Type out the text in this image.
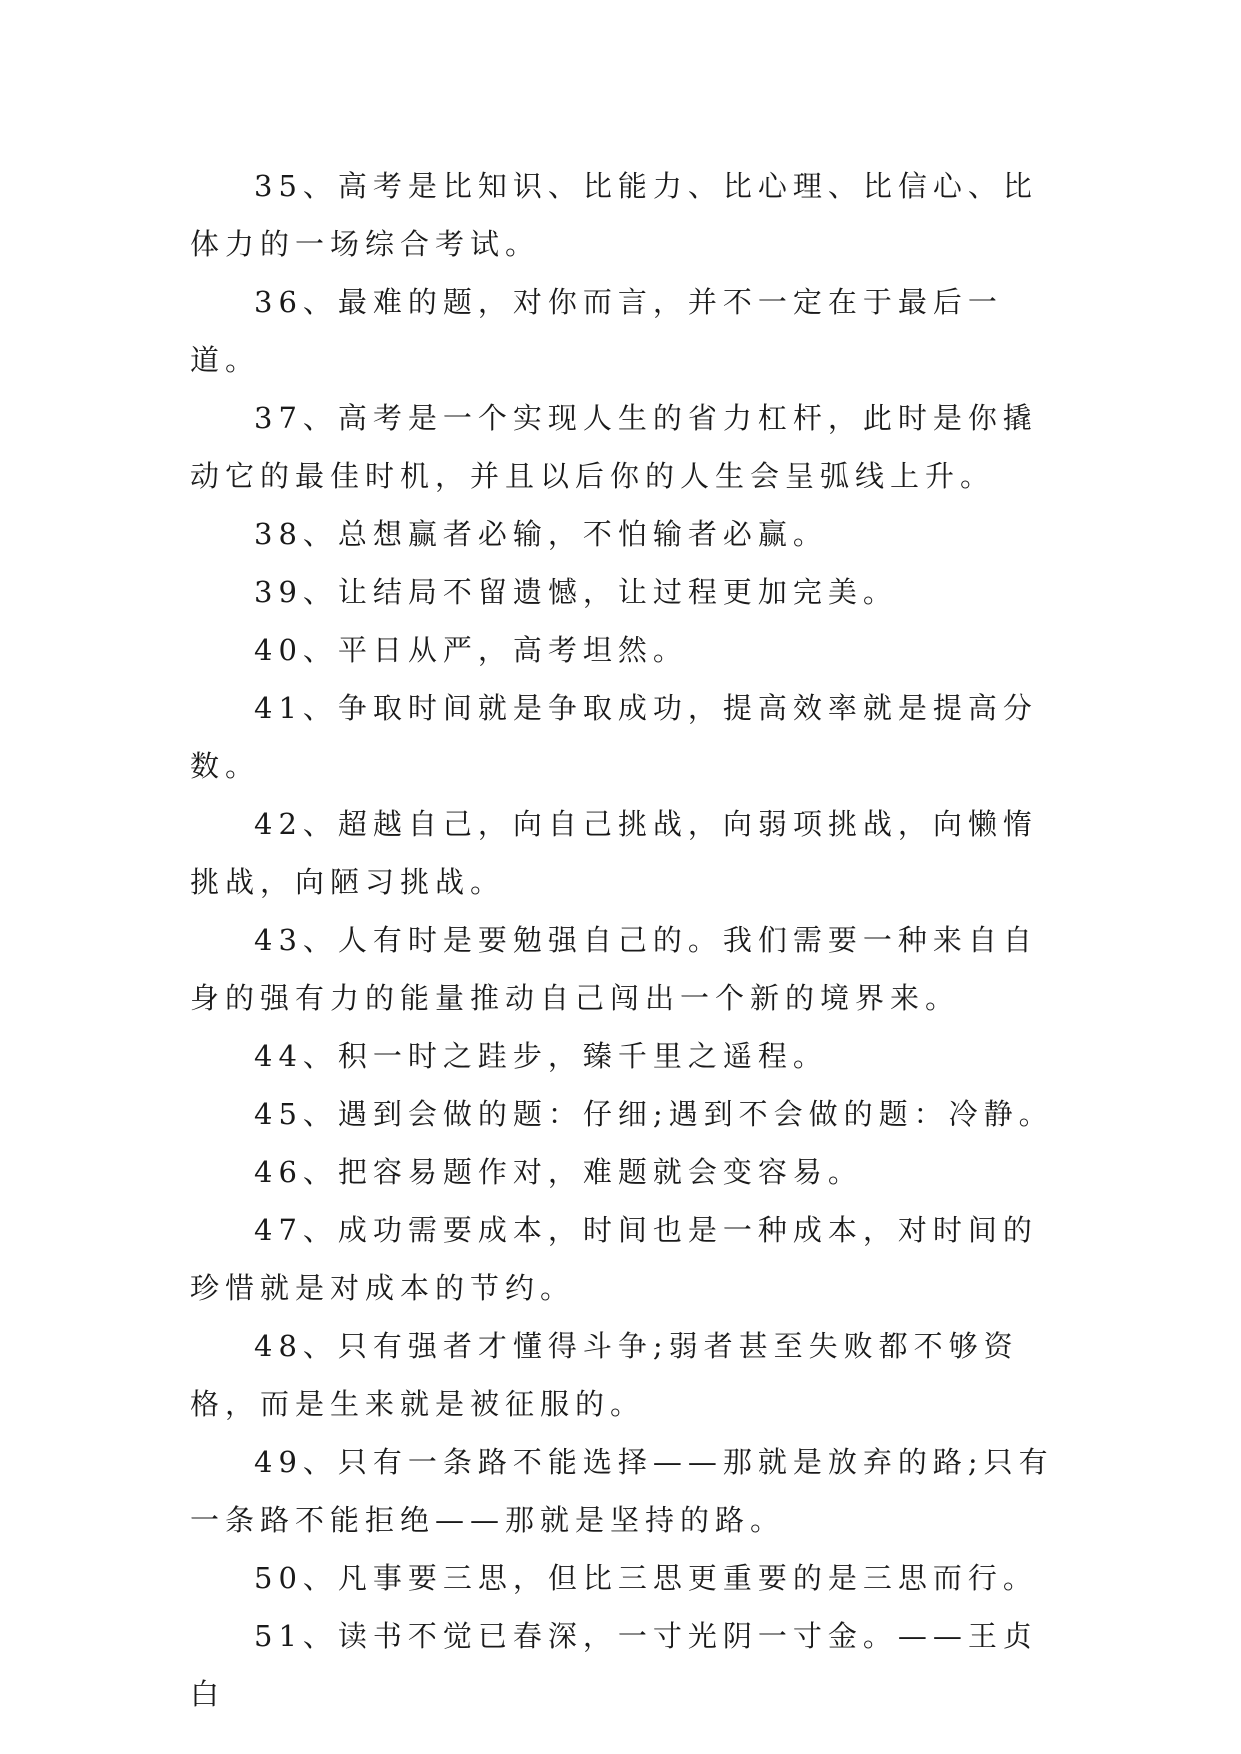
35、高考是比知识、比能力、比心理、比信心、比体力的一场综合考试。

36、最难的题，对你而言，并不一定在于最后一道。

37、高考是一个实现人生的省力杠杆，此时是你撬动它的最佳时机，并且以后你的人生会呈弧线上升。

38、总想赢者必输，不怕输者必赢。

39、让结局不留遗憾，让过程更加完美。

40、平日从严，高考坦然。

41、争取时间就是争取成功，提高效率就是提高分数。

42、超越自己，向自己挑战，向弱项挑战，向懒惰挑战，向陋习挑战。

43、人有时是要勉强自己的。我们需要一种来自自身的强有力的能量推动自己闯出一个新的境界来。

44、积一时之跬步，臻千里之遥程。

45、遇到会做的题：仔细;遇到不会做的题：冷静。

46、把容易题作对，难题就会变容易。

47、成功需要成本，时间也是一种成本，对时间的珍惜就是对成本的节约。

48、只有强者才懂得斗争;弱者甚至失败都不够资格，而是生来就是被征服的。

49、只有一条路不能选择——那就是放弃的路;只有一条路不能拒绝——那就是坚持的路。

50、凡事要三思，但比三思更重要的是三思而行。

51、读书不觉已春深，一寸光阴一寸金。——王贞白
